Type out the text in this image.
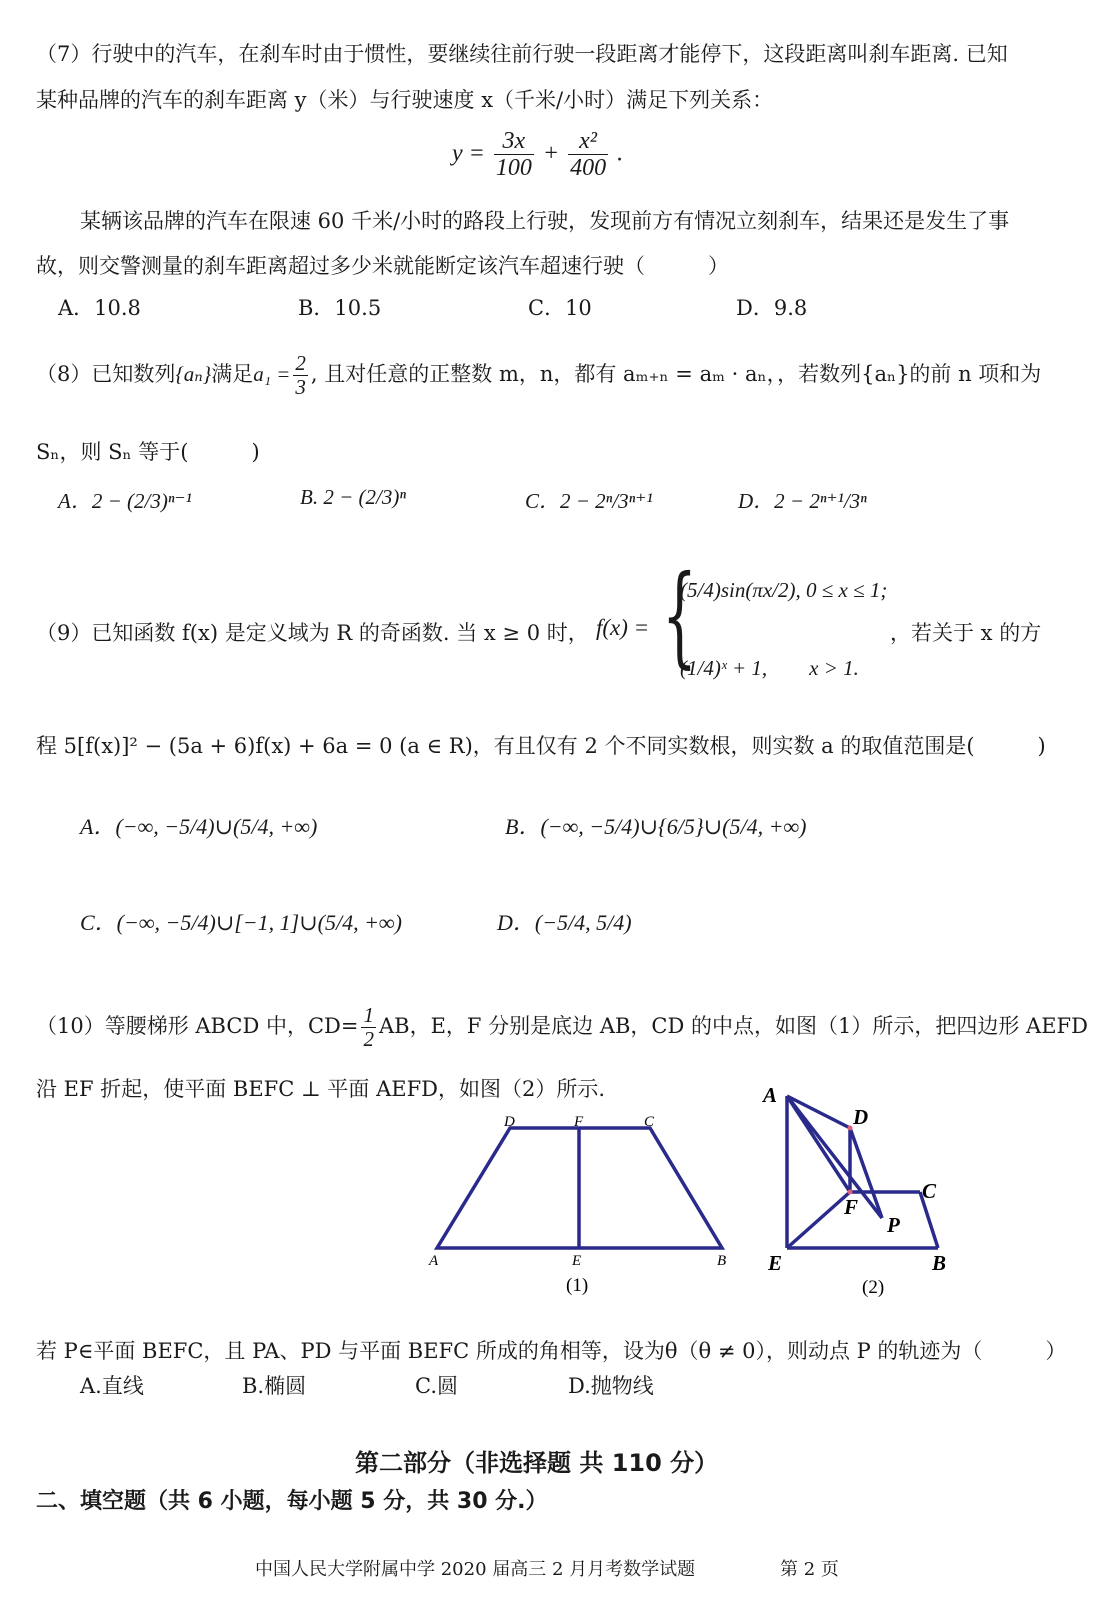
（7）行驶中的汽车，在刹车时由于惯性，要继续往前行驶一段距离才能停下，这段距离叫刹车距离. 已知
某种品牌的汽车的刹车距离 y（米）与行驶速度 x（千米/小时）满足下列关系：
$y = \frac{3x}{100} + \frac{\text{x²}}{400}$ .
某辆该品牌的汽车在限速 60 千米/小时的路段上行驶，发现前方有情况立刻刹车，结果还是发生了事
故，则交警测量的刹车距离超过多少米就能断定该汽车超速行驶（　　　）
A．10.8	B．10.5	C．10	D．9.8
（8）已知数列{aₙ}满足$a_1 = \frac{2}{3}$ , 且对任意的正整数 m，n，都有 aₘ₊ₙ = aₘ · aₙ，，若数列{aₙ}的前 n 项和为
Sₙ，则 Sₙ 等于(　　　)
A．2 − (2/3)ⁿ⁻¹	B. 2 − (2/3)ⁿ	C．2 − 2ⁿ/3ⁿ⁺¹	D．2 − 2ⁿ⁺¹/3ⁿ
（9）已知函数 f(x) 是定义域为 R 的奇函数. 当 x ≥ 0 时， f(x) = {
(5/4)sin(πx/2), 0 ≤ x ≤ 1;
(1/4)ˣ + 1,　　x > 1.
，若关于 x 的方
程 5[f(x)]² − (5a + 6)f(x) + 6a = 0 (a ∈ R)，有且仅有 2 个不同实数根，则实数 a 的取值范围是(　　　)
A．(−∞, −5/4)∪(5/4, +∞)	B．(−∞, −5/4)∪{6/5}∪(5/4, +∞)
C．(−∞, −5/4)∪[−1, 1]∪(5/4, +∞)	D．(−5/4, 5/4)
（10）等腰梯形 ABCD 中，$CD= \frac{1}{2}$ AB，E，F 分别是底边 AB，CD 的中点，如图（1）所示，把四边形 AEFD
沿 EF 折起，使平面 BEFC ⊥ 平面 AEFD，如图（2）所示.
A	B
C
D
E
F
(1)
A
D
C
F
P
E	B
(2)
若 P∈平面 BEFC，且 PA、PD 与平面 BEFC 所成的角相等，设为θ（θ ≠ 0），则动点 P 的轨迹为（　　　）
A.直线	B.椭圆	C.圆	D.抛物线
第二部分（非选择题 共 110 分）
二、填空题（共 6 小题，每小题 5 分，共 30 分.）
中国人民大学附属中学 2020 届高三 2 月月考数学试题	第 2 页
